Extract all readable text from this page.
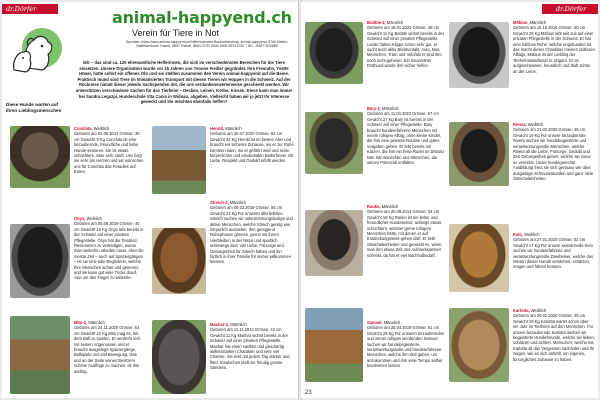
dr.Dörfer	animal-happyend.ch
Verein für Tiere in Not
Spenden: https://www.animal-happyend.ch/hilfen/spenden Bankverbindung: animal-happyend, 8766 Matten, Raiffeisenbank Thalwil, 8800 Thalwil, IBAN CH37 8080 8005 9829 6782 7 BIC: RAIFCH22888
Wir – das sind ca. 120 ehrenamtliche Helferinnen, die sich im verschiedensten Bereichen für die Tiere einsetzen. Unsere Organisation wurde vor 18 Jahren von Yvonne Fiedler gegründet. Ihre Freundin, Yvette Hüner, hatte sofort ein offenes Ohr und sie stellten zusammen den Verein animal-happyend auf die Beine. Praktisch mund sind Tiere im klimatisierten Transport mit diesen Tieren wir Hoppen in die Schweiz. Auf der Rückreise nimmt dieser jeweils Sachspenden mit, die uns verdankenswerterweise geschenkt werden. Wir unterstützen verschiedene Sachen für das Tierheim – Decken, Leinen, Körbe, Kissen. Diese kann man immer bei Sandra Legazpi, Hundeschule Vita Canis in Widnau, abgeben. Vielleicht haben wir ja jetzt Ihr Interesse geweckt und Sie möchten ebenfalls helfen?
Diese Hunde warten auf ihren Lieblingsmenschen

Conchita, Weiblich

Geboren am 03.06.2013 Grösse: 38 cm Gewicht 9 Kg Conchita ist eine bezaubernde, freundliche und liebe Hunde-senioren. Sie ist etwas schüchtern, aber sehr sanft. Uns liegt sie sehr am Herzen und wir wünschen uns für Conchita das Paradies auf Erden.

Onyx, Weiblich

Geboren am 06.09.2019 Grösse: 45 cm Gewicht 16 Kg Onyx lebt bereits in der Schweiz auf einer privaten Pflegestelle. Onyx hat die Tendenz, Ressourcen zu verteidigen, woran man weiterhin arbeiten muss. Aber die meiste Zeit – auch auf Spaziergängen – ist sie eine tolle Begleiterin, welche Ihre Menschen achtet und geniesst, und sie kann gut viele Tricks drauf, »sie um den Finger zu wickeln«.

Mito-2, Männlich

Geboren am 24.11.2020 Grösse: 63 cm Gewicht 23 Kg Mito mag es, mit dem Ball zu spielen. Er verdreht sich mit seinen Artgenossen und er braucht ausgiebige Spaziergänge, Ballspiele und viel Bewegung. Das und an der Seite seines Besitzers schöne Ausflüge zu machen, ist ihm wichtig.

Herold, Männlich

Geboren am 30.07.2020 Grösse: 64 cm Gewicht 32 Kg Herold ist im besten Alter und braucht ein sicheres Zuhause, wo er zur Ruhe kommen kann, wo er geführt wird und seine körperlichen und emotionalen Bedürfnisse mit Liebe, Respekt und Geduld erfüllt werden.

Streich-2, Männlich

Geboren am 08.03.2019 Grösse: 55 cm Gewicht 23 Kg Für unseren allerliebsten Streich suchen wir unternehmungslustige und aktive Menschen, welche Streich geistig wie körperlich auslasten. Ihm genügend Ruhephasen gönnen, gerne mit ihrem Hierbleiben in der Natur und sportlich unterwegs sind, viel Liebe, Fürsorge und Geborgenheit für Streich haben und ihn fortlich in ihrer Familie für immer willkommen heissen.

Mashar-2, Männlich

Geboren am 11.11.2012 Grösse: 42 cm Gewicht 11 Kg Mashar wohnt bereits in der Schweiz auf einer privaten Pflegestelle. Mashar hat einen sanften und gleichartig willensstarken Charakter und sehr viel Charme. Sie wird mit jedem Tag stärker und fitter. Inzwischen läuft sie freudig grosse Strecken.

dr.Dörfer
23

Bubble-3, Männlich

Geboren am 18.01.2022 Grösse: 48 cm Gewicht 11 Kg Bubble wohnt bereits in der Schweiz auf einer privaten Pflegestelle. Leider haben Klippe schon sehr gut, er sucht auch aktiv Blickkontakt. Auto, Bus, Menschen, Tram und Velofahrer sind ihm noch nicht geheuer. Ein souveräner Ersthund würde ihm sicher helfen.

Bary-2, Männlich

Geboren am 11.04.2023 Grösse: 67 cm Gewicht 27 Kg Bary ist bereits in der Schweiz auf einer Pflegestelle. Bary braucht hundeerfahrene Menschen mit einem ruhigen Alltag, ohne kleine Kinder, die ihm eine gewisse Routine und gutes Vorgaben geben. Er lebt bereits mit Katzen, die ihm ein feste Rudel an Distanz hält. Wir wünschen uns Menschen, die seinen Potenzial entfalten.

Rauko, Männlich

Geboren am 20.09.2014 Grösse: 54 cm Gewicht 18 Kg Rauko ist ein lieber und freundlicher Hundesenior, anfangs etwas schüchtern, welcher gerne ruhigere Menschen hätte, mit denen er auf Entdeckungsreise gehen darf. Er liebt Streicheleinheiten und geniesst es, wenn man ihm etwas Zeit und Aufmerksamkeit schenkt, da hat er viel Nachholbedarf.

Samuel, Männlich

Geboren am 25.04.2019 Grösse: 61 cm Gewicht 29 Kg Für unseren bezaubernden und immer ruhigen werdenden Samuel suchen wir hundebegeisterte, verantwortungsvolle und hundeerfahrene Menschen, welche ihm Zeit geben, um anzukommen und ihm viele Tempo selber bestimmen lassen.

Möbius, Männlich

Geboren am 10.10.2016 Grösse: 60 cm Gewicht 26 Kg Möbius lebt seit Juli auf einer privaten Pflegestelle in der Schweiz. Er hat eine haltlose Ruhe, welche ungebunden ist, das macht dieser Charakter meines zeitlosen Alltags. Möbius ist der Liebling der Tierheimmitarbeiter in Ungarn. Er ist aufgeschlossen, freundlich und läuft schön an der Leine.

Rivera, Weiblich

Geboren am 21.02.2020 Grösse: 48 cm Gewicht 19 Kg Für unsere bezaubernde Rivera suchen wir hundebegeisterte und verantwortungsvolle Menschen, welche Rivera all die Liebe, Fürsorge, Geduld und Zeit Geborgenheit geben, welche sie zuvor so vermisst. Unser hundegerechte Ausbildung freut sie sich genauso wie über ausgiebige Schmusestunden und ganz viele Streicheleinheiten.

Kelo, Weiblich

Geboren am 27.01.2020 Grösse: 52 cm Gewicht 17 Kg Für unsere wundervolle Kelo suchen wir hundeerfahrene und verantwortungsvolle Zweibeiner, welche das Wesen dieser Hunde verstehen, schätzen, mögen und führen können.

Karlotta, Weiblich

Geboren am 20.02.2020 Grösse: 45 cm Gewicht 19 Kg Karlotta wartet schon über ein Jahr im Tierheim auf den Menschen. Für unsere bezaubernde Karlotta suchen wir begeisterte Hundefreunde, welche sie lieben, schätzen und achten. Menschen, welche mit Karlotta all das Vergessen nachholen und ihr zeigen, wie es sich anfühlt, ein eigenes, fürsorgliches Zuhause zu haben.
